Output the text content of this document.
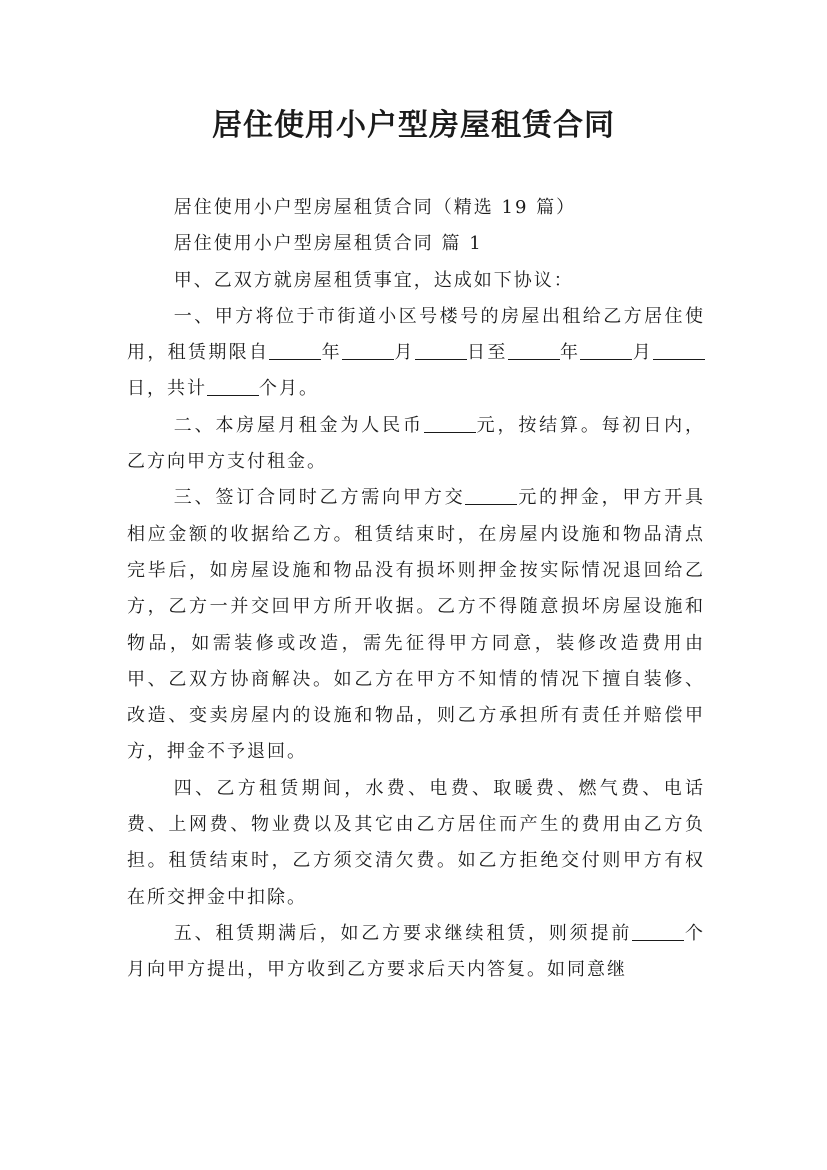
居住使用小户型房屋租赁合同

居住使用小户型房屋租赁合同（精选 19 篇）

居住使用小户型房屋租赁合同 篇 1

甲、乙双方就房屋租赁事宜，达成如下协议：

一、甲方将位于市街道小区号楼号的房屋出租给乙方居住使用，租赁期限自	年	月	日至	年	月日，共计	个月。

二、本房屋月租金为人民币	元，按结算。每初日内，乙方向甲方支付租金。

三、签订合同时乙方需向甲方交	元的押金，甲方开具相应金额的收据给乙方。租赁结束时，在房屋内设施和物品清点完毕后，如房屋设施和物品没有损坏则押金按实际情况退回给乙方，乙方一并交回甲方所开收据。乙方不得随意损坏房屋设施和物品，如需装修或改造，需先征得甲方同意，装修改造费用由甲、乙双方协商解决。如乙方在甲方不知情的情况下擅自装修、改造、变卖房屋内的设施和物品，则乙方承担所有责任并赔偿甲方，押金不予退回。

四、乙方租赁期间，水费、电费、取暖费、燃气费、电话费、上网费、物业费以及其它由乙方居住而产生的费用由乙方负担。租赁结束时，乙方须交清欠费。如乙方拒绝交付则甲方有权在所交押金中扣除。

五、租赁期满后，如乙方要求继续租赁，则须提前	个月向甲方提出，甲方收到乙方要求后天内答复。如同意继
